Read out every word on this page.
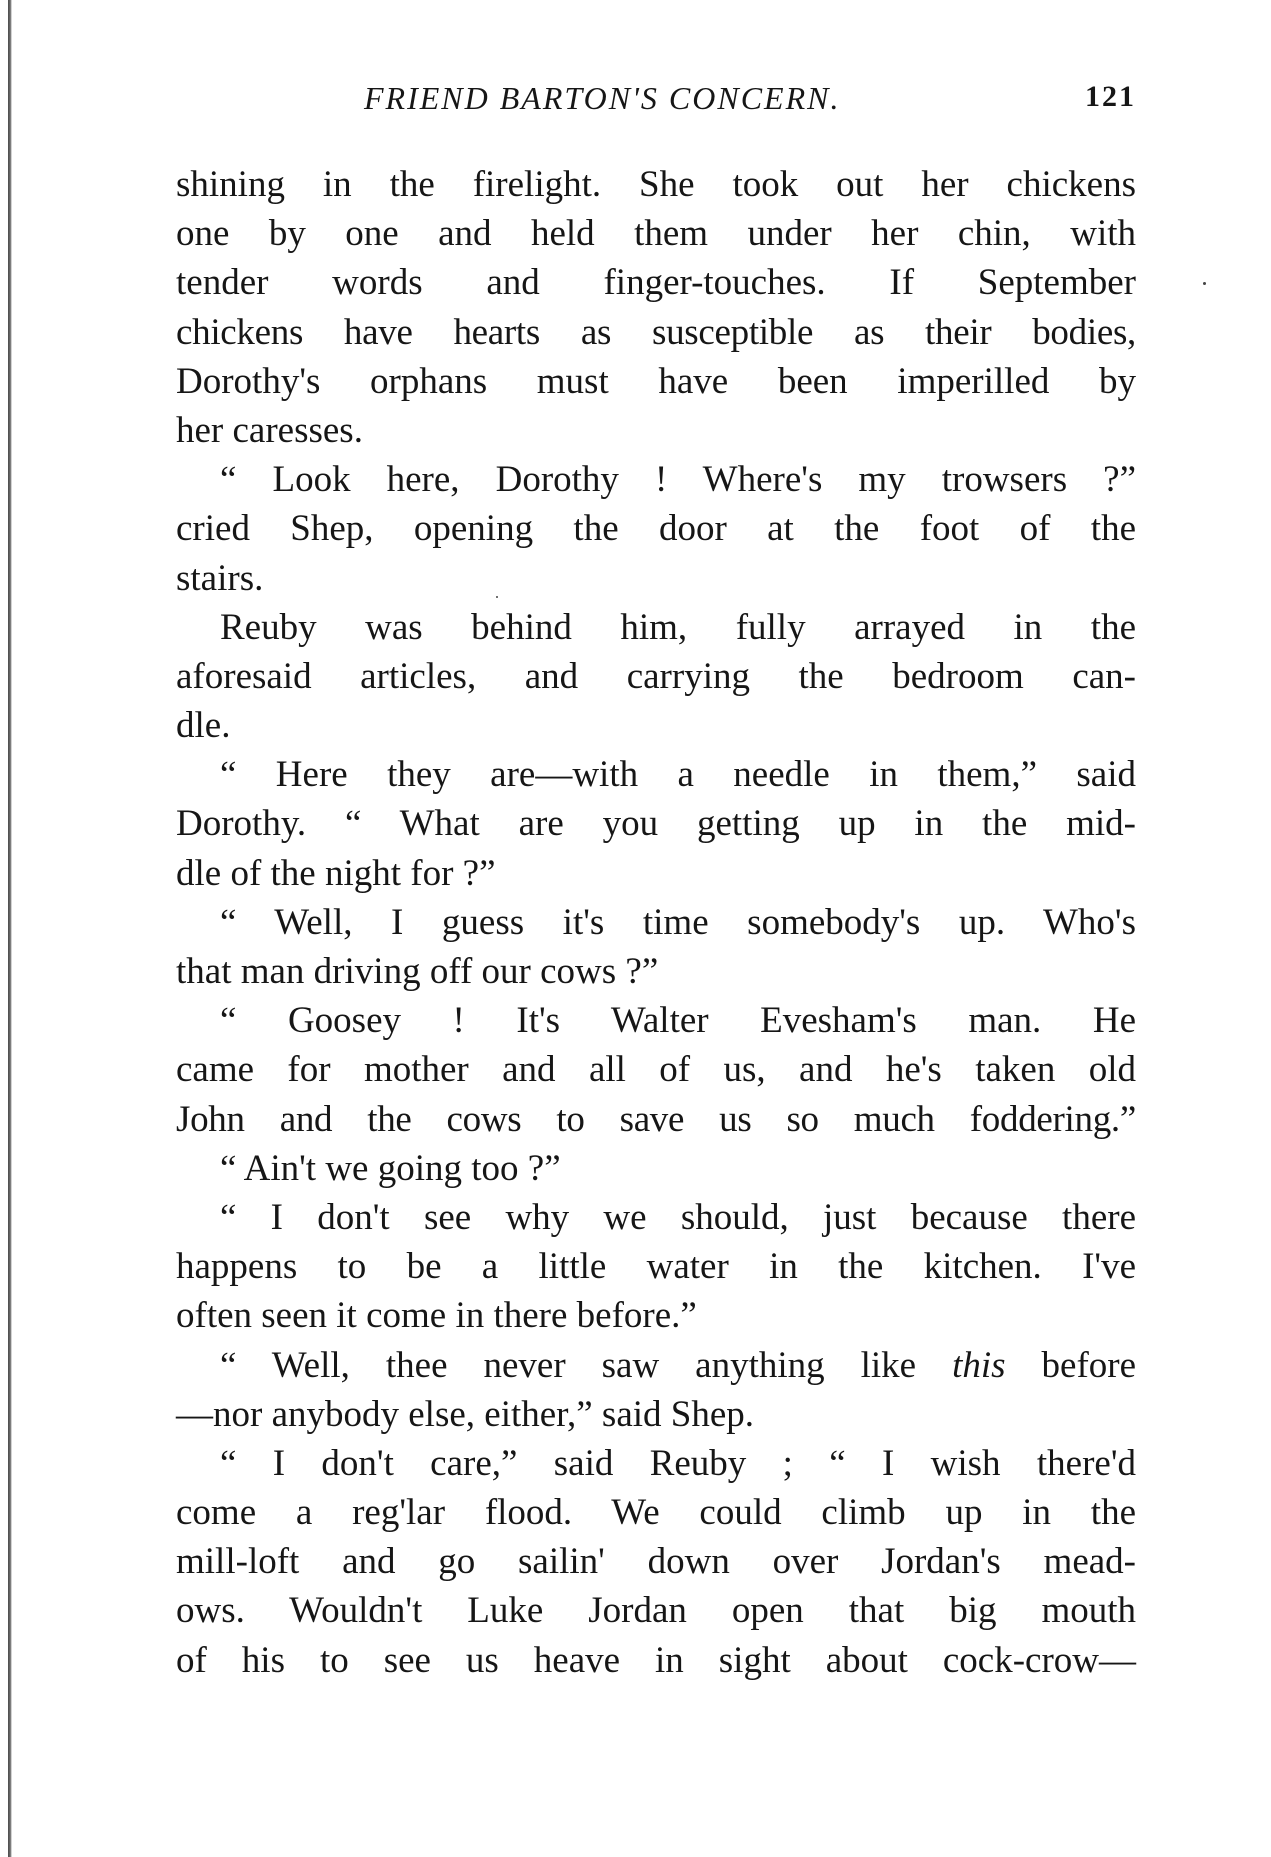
FRIEND BARTON'S CONCERN.	121
shining in the firelight. She took out her chickens
one by one and held them under her chin, with
tender words and finger-touches. If September
chickens have hearts as susceptible as their bodies,
Dorothy's orphans must have been imperilled by
her caresses.
“ Look here, Dorothy ! Where's my trowsers ?”
cried Shep, opening the door at the foot of the
stairs.
Reuby was behind him, fully arrayed in the
aforesaid articles, and carrying the bedroom can-
dle.
“ Here they are—with a needle in them,” said
Dorothy. “ What are you getting up in the mid-
dle of the night for ?”
“ Well, I guess it's time somebody's up. Who's
that man driving off our cows ?”
“ Goosey ! It's Walter Evesham's man. He
came for mother and all of us, and he's taken old
John and the cows to save us so much foddering.”
“ Ain't we going too ?”
“ I don't see why we should, just because there
happens to be a little water in the kitchen. I've
often seen it come in there before.”
“ Well, thee never saw anything like this before
—nor anybody else, either,” said Shep.
“ I don't care,” said Reuby ; “ I wish there'd
come a reg'lar flood. We could climb up in the
mill-loft and go sailin' down over Jordan's mead-
ows. Wouldn't Luke Jordan open that big mouth
of his to see us heave in sight about cock-crow—
